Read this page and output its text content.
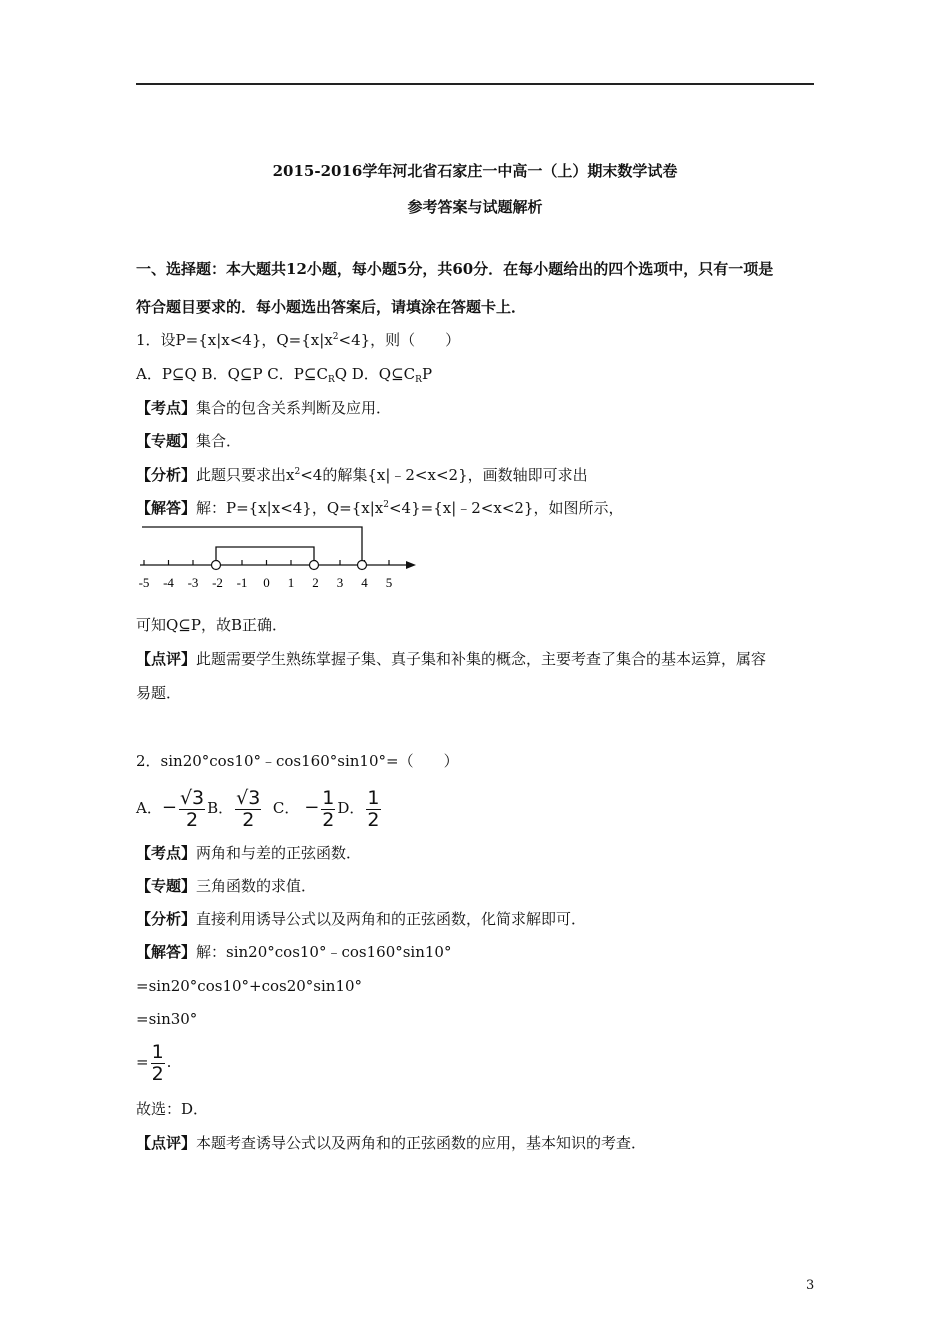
2015-2016学年河北省石家庄一中高一（上）期末数学试卷
参考答案与试题解析
一、选择题：本大题共12小题，每小题5分，共60分．在每小题给出的四个选项中，只有一项是
符合题目要求的．每小题选出答案后，请填涂在答题卡上．
1．设P={x|x<4}，$Q=\{x|x^2<4\}$，则（　　）
A．P⊆Q B．Q⊆P C．$P⊆C_RQ$ D．$Q⊆C_RP$
【考点】集合的包含关系判断及应用．
【专题】集合．
【分析】此题只要求出$x^2<4$的解集{x|﹣2<x<2}，画数轴即可求出
【解答】解：P={x|x<4}，$Q=\{x|x^2<4\}=\{x|﹣2<x<2\}$，如图所示，
-5 -4 -3 -2 -1 0 1 2 3 4 5
可知Q⊆P，故B正确．
【点评】此题需要学生熟练掌握子集、真子集和补集的概念，主要考查了集合的基本运算，属容
易题．
2．sin20°cos10°﹣cos160°sin10°=（　　）
A．− $\frac{√3}{2}$ B． $\frac{√3}{2}$ C． − $\frac{1}{2}$ D． $\frac{1}{2}$
【考点】两角和与差的正弦函数．
【专题】三角函数的求值．
【分析】直接利用诱导公式以及两角和的正弦函数，化简求解即可．
【解答】解：sin20°cos10°﹣cos160°sin10°
=sin20°cos10°+cos20°sin10°
=sin30°
= $\frac{1}{2}$ .
故选：D．
【点评】本题考查诱导公式以及两角和的正弦函数的应用，基本知识的考查．
3
